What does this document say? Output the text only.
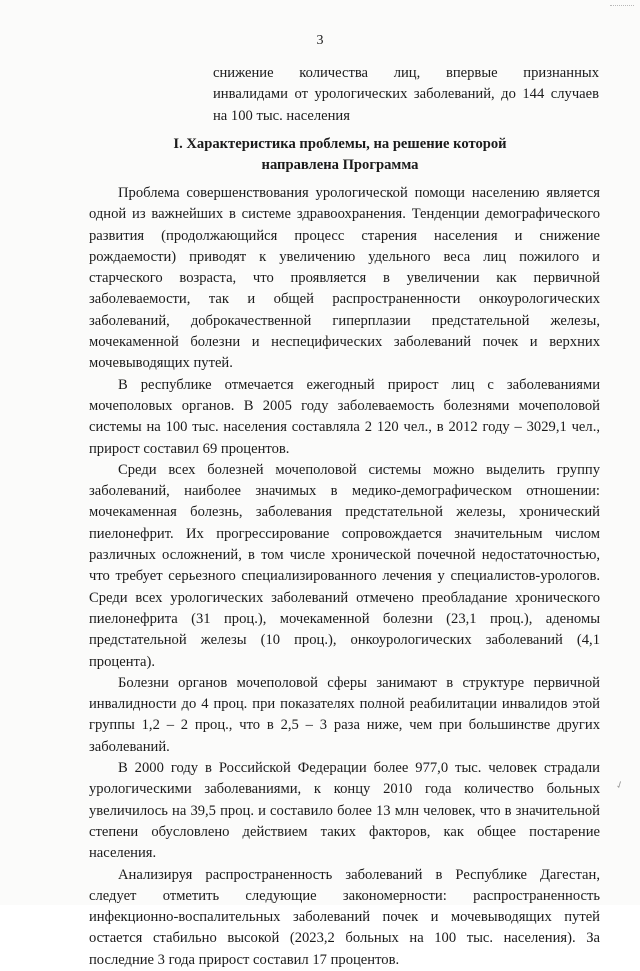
3
снижение количества лиц, впервые признанных
инвалидами от урологических заболеваний, до 144 случаев
на 100 тыс. населения
I. Характеристика проблемы, на решение которой
направлена Программа

Проблема совершенствования урологической помощи населению является одной из важнейших в системе здравоохранения. Тенденции демографического развития (продолжающийся процесс старения населения и снижение рождаемости) приводят к увеличению удельного веса лиц пожилого и старческого возраста, что проявляется в увеличении как первичной заболеваемости, так и общей распространенности онкоурологических заболеваний, доброкачественной гиперплазии предстательной железы, мочекаменной болезни и неспецифических заболеваний почек и верхних мочевыводящих путей.

В республике отмечается ежегодный прирост лиц с заболеваниями мочеполовых органов. В 2005 году заболеваемость болезнями мочеполовой системы на 100 тыс. населения составляла 2 120 чел., в 2012 году – 3029,1 чел., прирост составил 69 процентов.

Среди всех болезней мочеполовой системы можно выделить группу заболеваний, наиболее значимых в медико-демографическом отношении: мочекаменная болезнь, заболевания предстательной железы, хронический пиелонефрит. Их прогрессирование сопровождается значительным числом различных осложнений, в том числе хронической почечной недостаточностью, что требует серьезного специализированного лечения у специалистов-урологов. Среди всех урологических заболеваний отмечено преобладание хронического пиелонефрита (31 проц.), мочекаменной болезни (23,1 проц.), аденомы предстательной железы (10 проц.), онкоурологических заболеваний (4,1 процента).

Болезни органов мочеполовой сферы занимают в структуре первичной инвалидности до 4 проц. при показателях полной реабилитации инвалидов этой группы 1,2 – 2 проц., что в 2,5 – 3 раза ниже, чем при большинстве других заболеваний.

В 2000 году в Российской Федерации более 977,0 тыс. человек страдали урологическими заболеваниями, к концу 2010 года количество больных увеличилось на 39,5 проц. и составило более 13 млн человек, что в значительной степени обусловлено действием таких факторов, как общее постарение населения.

Анализируя распространенность заболеваний в Республике Дагестан, следует отметить следующие закономерности: распространенность инфекционно-воспалительных заболеваний почек и мочевыводящих путей остается стабильно высокой (2023,2 больных на 100 тыс. населения). За последние 3 года прирост составил 17 процентов.

✓
